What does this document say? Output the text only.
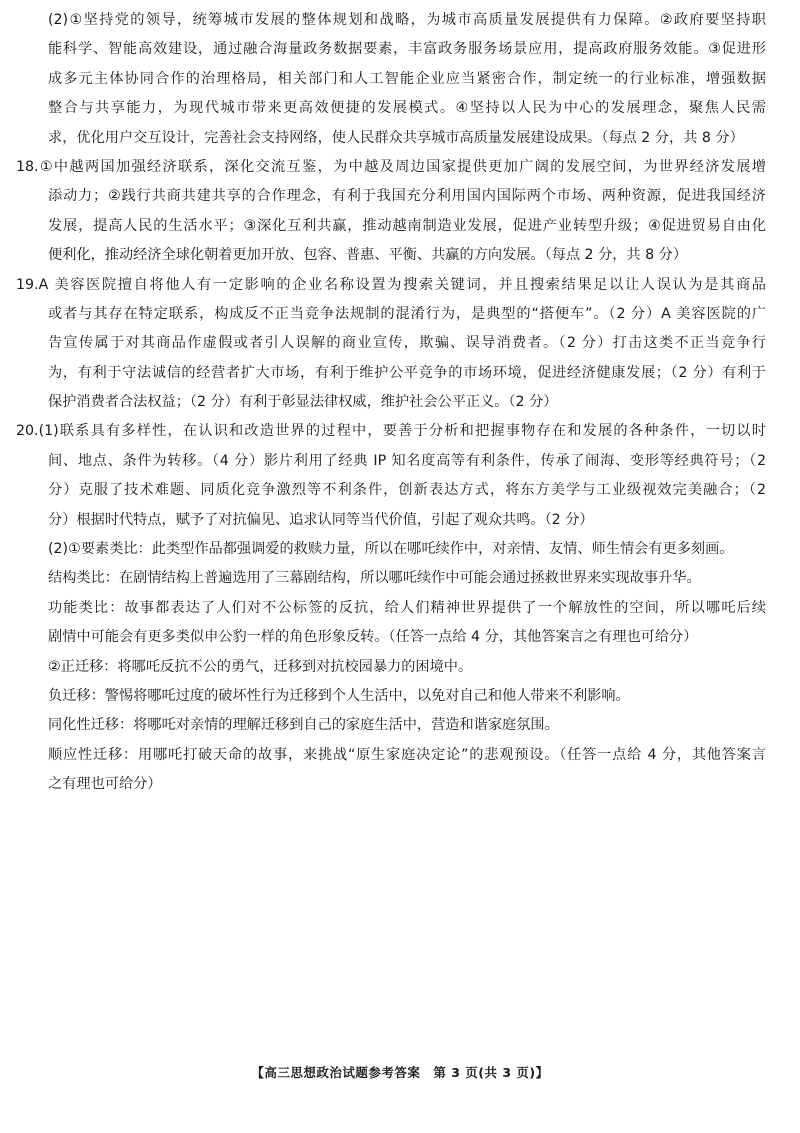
(2)①坚持党的领导，统筹城市发展的整体规划和战略，为城市高质量发展提供有力保障。②政府要坚持职
能科学、智能高效建设，通过融合海量政务数据要素，丰富政务服务场景应用，提高政府服务效能。③促进形
成多元主体协同合作的治理格局，相关部门和人工智能企业应当紧密合作，制定统一的行业标准，增强数据
整合与共享能力，为现代城市带来更高效便捷的发展模式。④坚持以人民为中心的发展理念，聚焦人民需
求，优化用户交互设计，完善社会支持网络，使人民群众共享城市高质量发展建设成果。（每点 2 分，共 8 分）
18.①中越两国加强经济联系，深化交流互鉴，为中越及周边国家提供更加广阔的发展空间，为世界经济发展增
添动力；②践行共商共建共享的合作理念，有利于我国充分利用国内国际两个市场、两种资源，促进我国经济
发展，提高人民的生活水平；③深化互利共赢，推动越南制造业发展，促进产业转型升级；④促进贸易自由化
便利化，推动经济全球化朝着更加开放、包容、普惠、平衡、共赢的方向发展。（每点 2 分，共 8 分）
19.A 美容医院擅自将他人有一定影响的企业名称设置为搜索关键词，并且搜索结果足以让人误认为是其商品
或者与其存在特定联系，构成反不正当竞争法规制的混淆行为，是典型的“搭便车”。（2 分）A 美容医院的广
告宣传属于对其商品作虚假或者引人误解的商业宣传，欺骗、误导消费者。（2 分）打击这类不正当竞争行
为，有利于守法诚信的经营者扩大市场，有利于维护公平竞争的市场环境，促进经济健康发展；（2 分）有利于
保护消费者合法权益；（2 分）有利于彰显法律权威，维护社会公平正义。（2 分）
20.(1)联系具有多样性，在认识和改造世界的过程中，要善于分析和把握事物存在和发展的各种条件，一切以时
间、地点、条件为转移。（4 分）影片利用了经典 IP 知名度高等有利条件，传承了闹海、变形等经典符号；（2
分）克服了技术难题、同质化竞争激烈等不利条件，创新表达方式，将东方美学与工业级视效完美融合；（2
分）根据时代特点，赋予了对抗偏见、追求认同等当代价值，引起了观众共鸣。（2 分）
(2)①要素类比：此类型作品都强调爱的救赎力量，所以在哪吒续作中，对亲情、友情、师生情会有更多刻画。
结构类比：在剧情结构上普遍选用了三幕剧结构，所以哪吒续作中可能会通过拯救世界来实现故事升华。
功能类比：故事都表达了人们对不公标签的反抗，给人们精神世界提供了一个解放性的空间，所以哪吒后续
剧情中可能会有更多类似申公豹一样的角色形象反转。（任答一点给 4 分，其他答案言之有理也可给分）
②正迁移：将哪吒反抗不公的勇气，迁移到对抗校园暴力的困境中。
负迁移：警惕将哪吒过度的破坏性行为迁移到个人生活中，以免对自己和他人带来不利影响。
同化性迁移：将哪吒对亲情的理解迁移到自己的家庭生活中，营造和谐家庭氛围。
顺应性迁移：用哪吒打破天命的故事，来挑战“原生家庭决定论”的悲观预设。（任答一点给 4 分，其他答案言
之有理也可给分）
【高三思想政治试题参考答案　第 3 页(共 3 页)】
